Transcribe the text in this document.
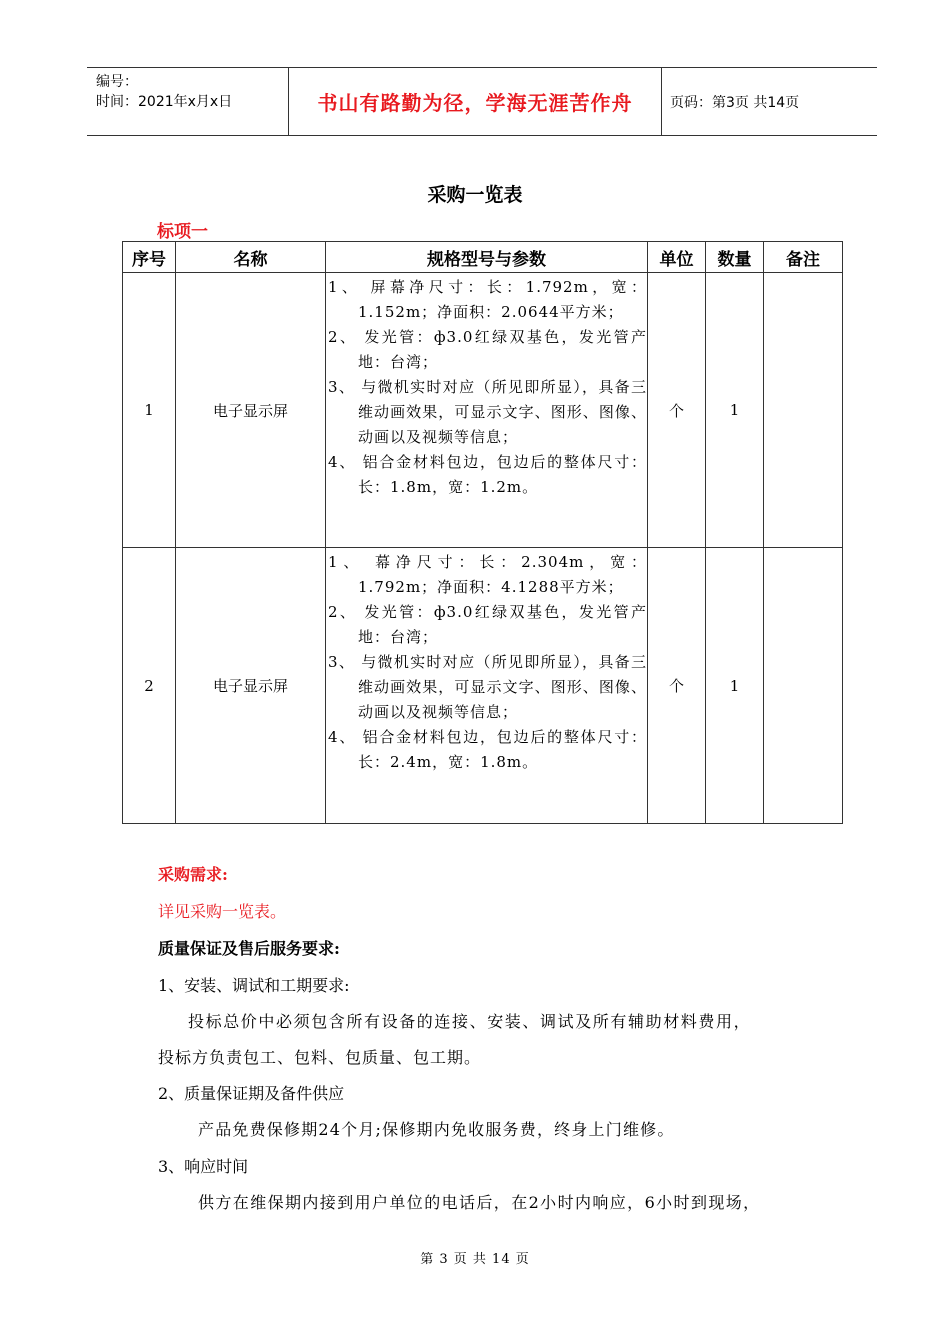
编号：
时间：2021年x月x日	书山有路勤为径，学海无涯苦作舟	页码：第3页 共14页
采购一览表
标项一
序号	名称	规格型号与参数	单位	数量	备注
1	电子显示屏	1、 屏幕净尺寸：长：1.792m，宽：1.152m；净面积：2.0644平方米；
2、 发光管：ф3.0红绿双基色，发光管产地：台湾；
3、 与微机实时对应（所见即所显），具备三维动画效果，可显示文字、图形、图像、动画以及视频等信息；
4、 铝合金材料包边，包边后的整体尺寸：长：1.8m，宽：1.2m。	个	1	
2	电子显示屏	1、 幕净尺寸：长：2.304m，宽：1.792m；净面积：4.1288平方米；
2、 发光管：ф3.0红绿双基色，发光管产地：台湾；
3、 与微机实时对应（所见即所显），具备三维动画效果，可显示文字、图形、图像、动画以及视频等信息；
4、 铝合金材料包边，包边后的整体尺寸：长：2.4m，宽：1.8m。	个	1	

采购需求:

详见采购一览表。

质量保证及售后服务要求:

1、安装、调试和工期要求:

投标总价中必须包含所有设备的连接、安装、调试及所有辅助材料费用，

投标方负责包工、包料、包质量、包工期。

2、质量保证期及备件供应

产品免费保修期24个月;保修期内免收服务费，终身上门维修。

3、响应时间

供方在维保期内接到用户单位的电话后，在2小时内响应，6小时到现场，

第 3 页 共 14 页
